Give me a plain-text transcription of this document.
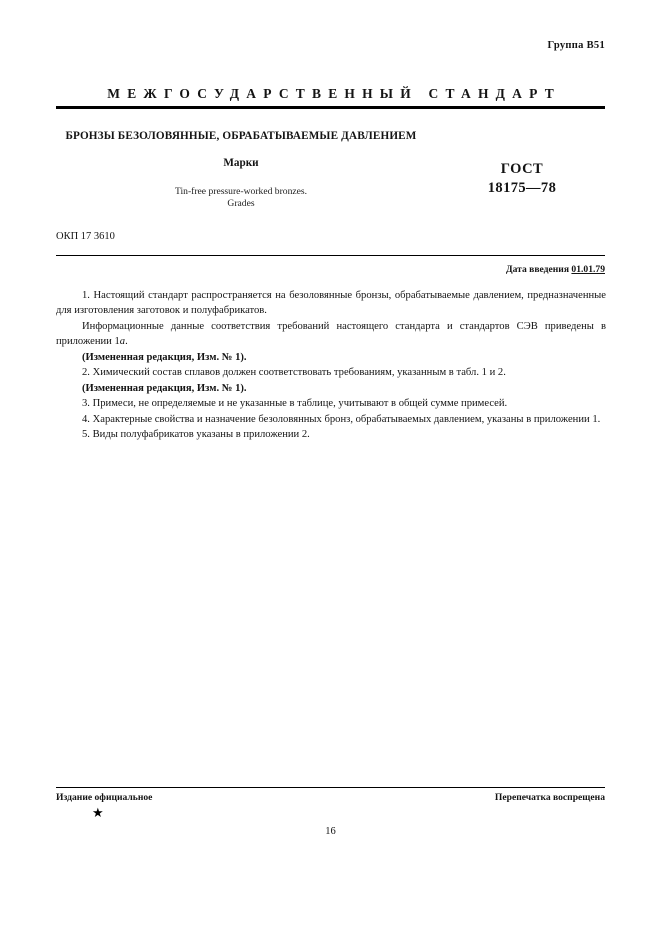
Группа В51
МЕЖГОСУДАРСТВЕННЫЙ СТАНДАРТ
БРОНЗЫ БЕЗОЛОВЯННЫЕ, ОБРАБАТЫВАЕМЫЕ ДАВЛЕНИЕМ
Марки
Tin-free pressure-worked bronzes.
Grades
ГОСТ
18175—78
ОКП 17 3610
Дата введения 01.01.79

1. Настоящий стандарт распространяется на безоловянные бронзы, обрабатываемые давлением, предназначенные для изготовления заготовок и полуфабрикатов.

Информационные данные соответствия требований настоящего стандарта и стандартов СЭВ приведены в приложении 1а.

(Измененная редакция, Изм. № 1).

2. Химический состав сплавов должен соответствовать требованиям, указанным в табл. 1 и 2.

(Измененная редакция, Изм. № 1).

3. Примеси, не определяемые и не указанные в таблице, учитывают в общей сумме примесей.

4. Характерные свойства и назначение безоловянных бронз, обрабатываемых давлением, указаны в приложении 1.

5. Виды полуфабрикатов указаны в приложении 2.

Издание официальное	Перепечатка воспрещена
★
16
